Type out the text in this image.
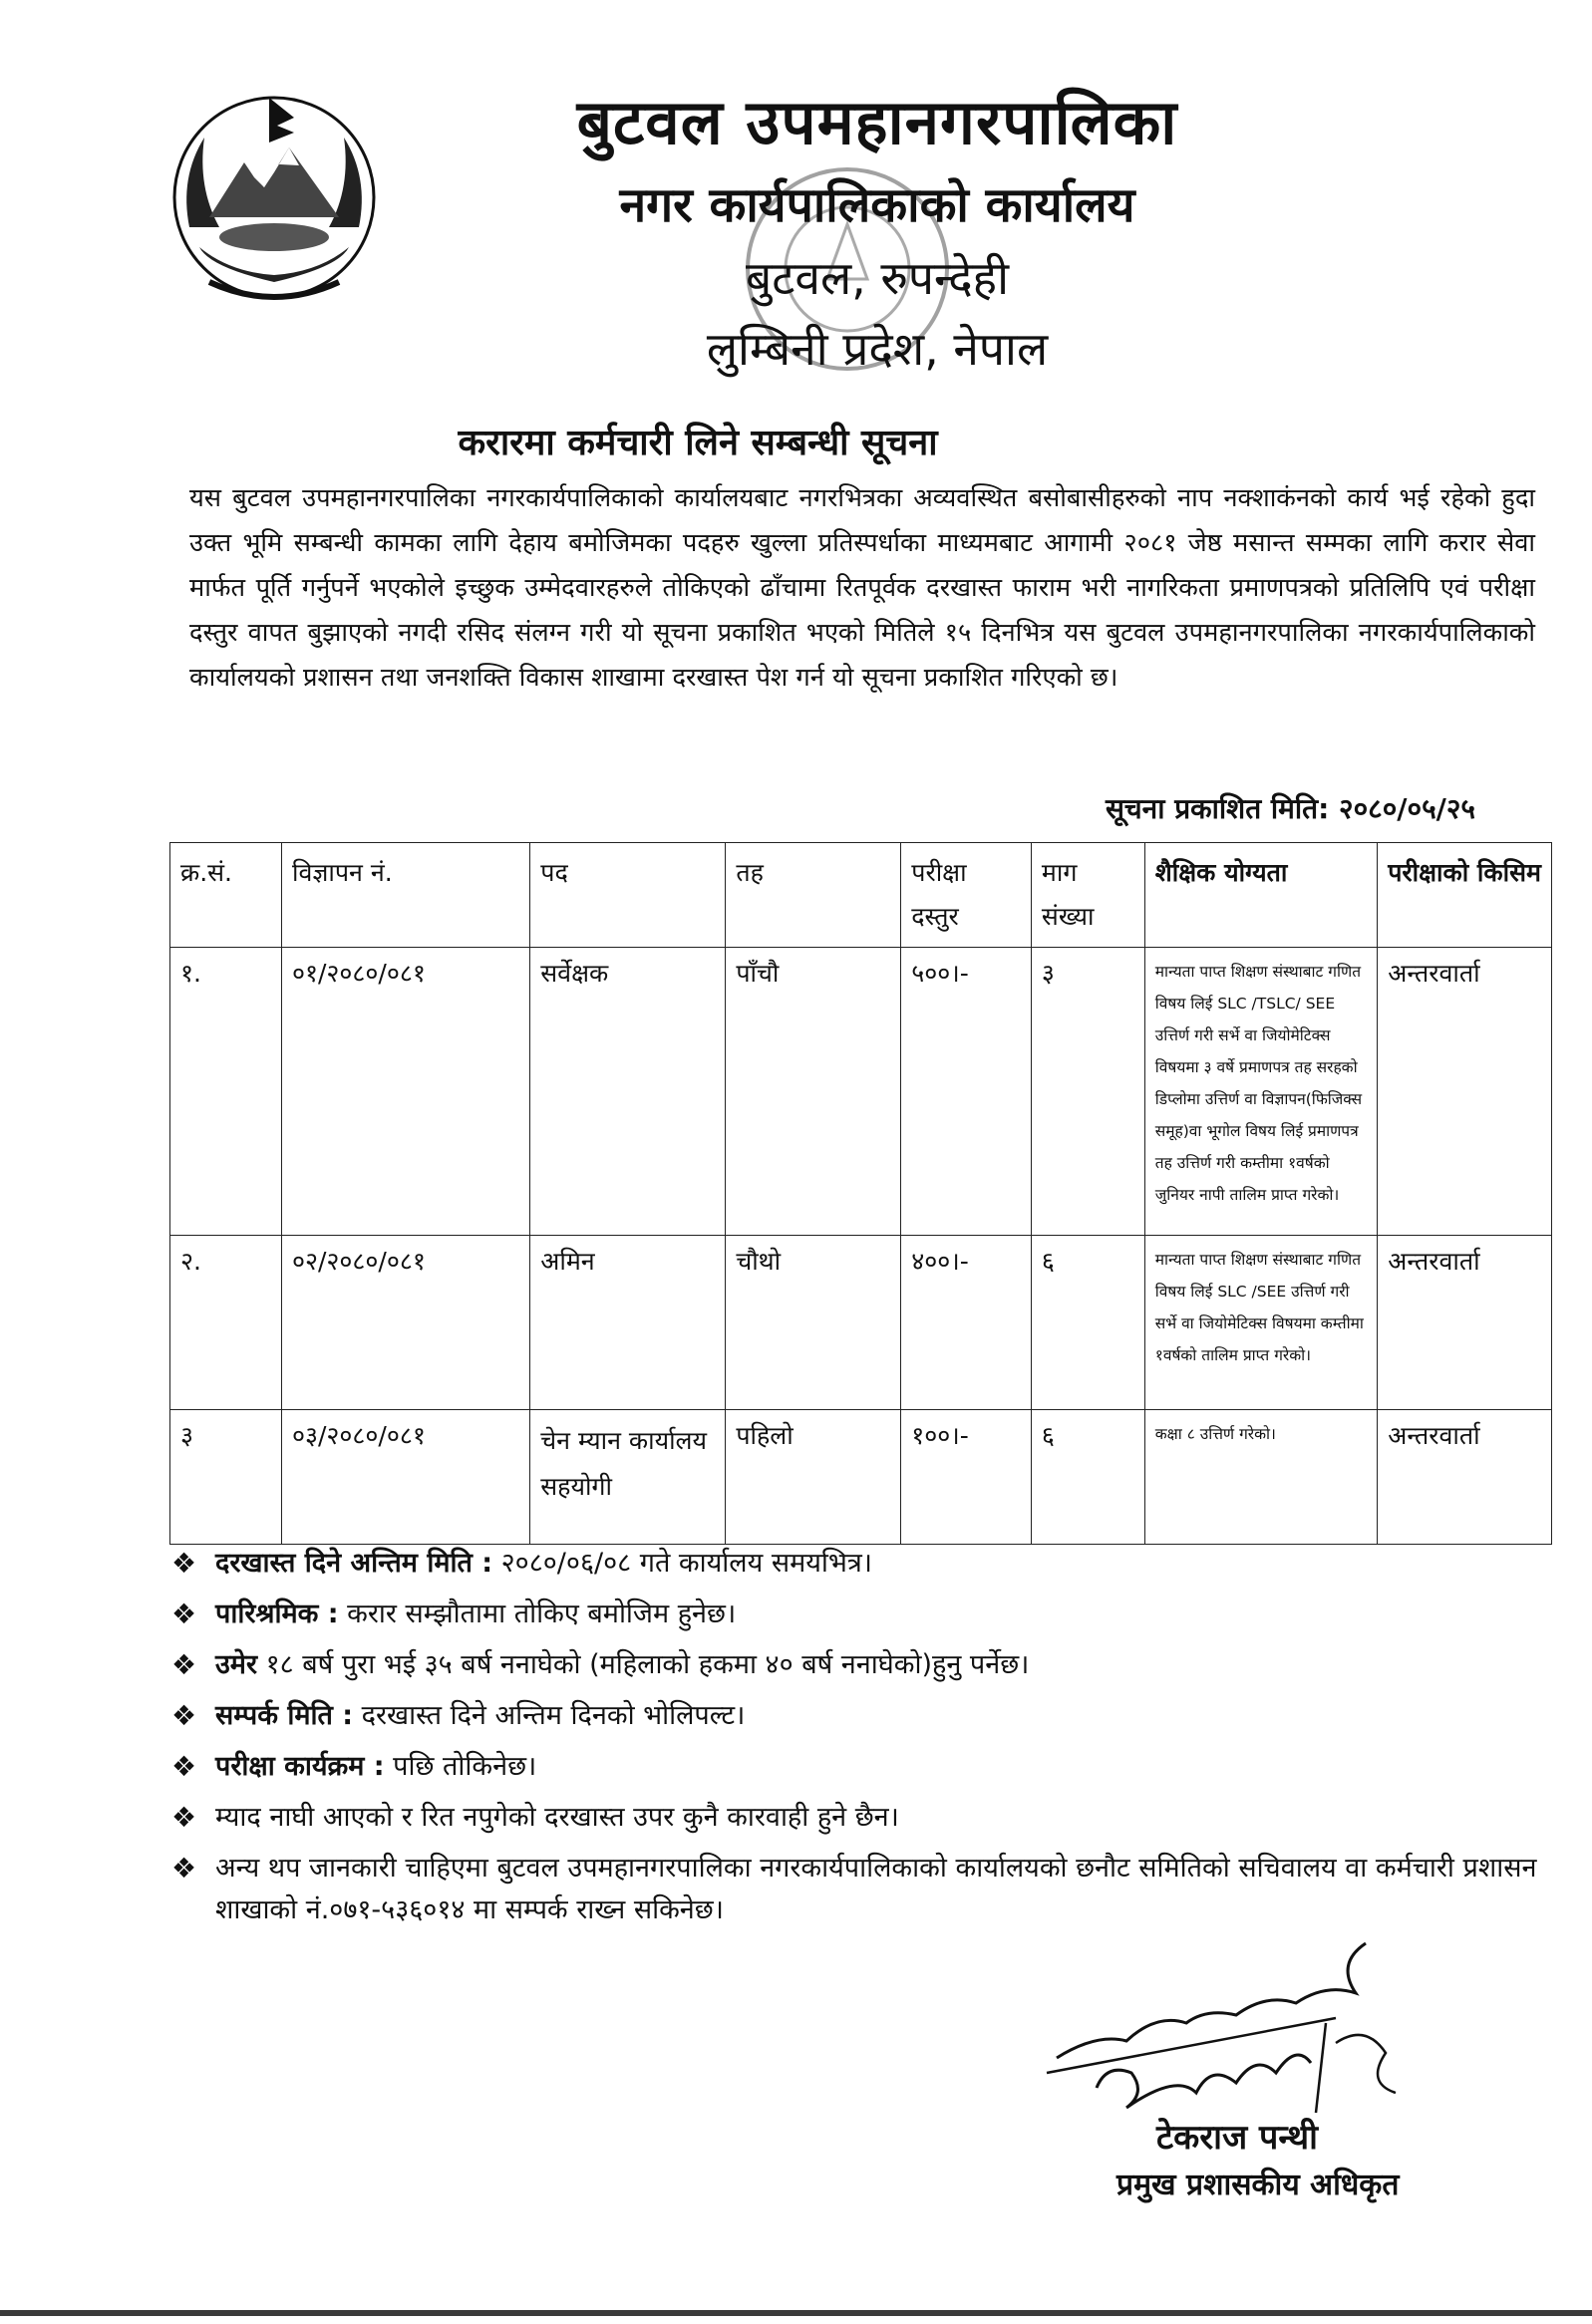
बुटवल उपमहानगरपालिका
नगर कार्यपालिकाको कार्यालय
बुटवल, रुपन्देही
लुम्बिनी प्रदेश, नेपाल
करारमा कर्मचारी लिने सम्बन्धी सूचना
यस बुटवल उपमहानगरपालिका नगरकार्यपालिकाको कार्यालयबाट नगरभित्रका अव्यवस्थित बसोबासीहरुको नाप नक्शाकंनको कार्य भई रहेको हुदा उक्त भूमि सम्बन्धी कामका लागि देहाय बमोजिमका पदहरु खुल्ला प्रतिस्पर्धाका माध्यमबाट आगामी २०८१ जेष्ठ मसान्त सम्मका लागि करार सेवा मार्फत पूर्ति गर्नुपर्ने भएकोले इच्छुक उम्मेदवारहरुले तोकिएको ढाँचामा रितपूर्वक दरखास्त फाराम भरी नागरिकता प्रमाणपत्रको प्रतिलिपि एवं परीक्षा दस्तुर वापत बुझाएको नगदी रसिद संलग्न गरी यो सूचना प्रकाशित भएको मितिले १५ दिनभित्र यस बुटवल उपमहानगरपालिका नगरकार्यपालिकाको कार्यालयको प्रशासन तथा जनशक्ति विकास शाखामा दरखास्त पेश गर्न यो सूचना प्रकाशित गरिएको छ।
सूचना प्रकाशित मिति: २०८०/०५/२५
क्र.सं.	विज्ञापन नं.	पद	तह	परीक्षा दस्तुर	माग संख्या	शैक्षिक योग्यता	परीक्षाको किसिम
१.	०१/२०८०/०८१	सर्वेक्षक	पाँचौ	५००।-	३	मान्यता पाप्त शिक्षण संस्थाबाट गणित विषय लिई SLC /TSLC/ SEE उत्तिर्ण गरी सर्भे वा जियोमेटिक्स विषयमा ३ वर्षे प्रमाणपत्र तह सरहको डिप्लोमा उत्तिर्ण वा विज्ञापन(फिजिक्स समूह)वा भूगोल विषय लिई प्रमाणपत्र तह उत्तिर्ण गरी कम्तीमा १वर्षको जुनियर नापी तालिम प्राप्त गरेको।	अन्तरवार्ता
२.	०२/२०८०/०८१	अमिन	चौथो	४००।-	६	मान्यता पाप्त शिक्षण संस्थाबाट गणित विषय लिई SLC /SEE उत्तिर्ण गरी सर्भे वा जियोमेटिक्स विषयमा कम्तीमा १वर्षको तालिम प्राप्त गरेको।	अन्तरवार्ता
३	०३/२०८०/०८१	चेन म्यान कार्यालय सहयोगी	पहिलो	१००।-	६	कक्षा ८ उत्तिर्ण गरेको।	अन्तरवार्ता
❖ दरखास्त दिने अन्तिम मिति : २०८०/०६/०८ गते कार्यालय समयभित्र।
❖ पारिश्रमिक : करार सम्झौतामा तोकिए बमोजिम हुनेछ।
❖ उमेर १८ बर्ष पुरा भई ३५ बर्ष ननाघेको (महिलाको हकमा ४० बर्ष ननाघेको)हुनु पर्नेछ।
❖ सम्पर्क मिति : दरखास्त दिने अन्तिम दिनको भोलिपल्ट।
❖ परीक्षा कार्यक्रम : पछि तोकिनेछ।
❖ म्याद नाघी आएको र रित नपुगेको दरखास्त उपर कुनै कारवाही हुने छैन।
❖ अन्य थप जानकारी चाहिएमा बुटवल उपमहानगरपालिका नगरकार्यपालिकाको कार्यालयको छनौट समितिको सचिवालय वा कर्मचारी प्रशासन शाखाको नं.०७१-५३६०१४ मा सम्पर्क राख्न सकिनेछ।
टेकराज पन्थी
प्रमुख प्रशासकीय अधिकृत
